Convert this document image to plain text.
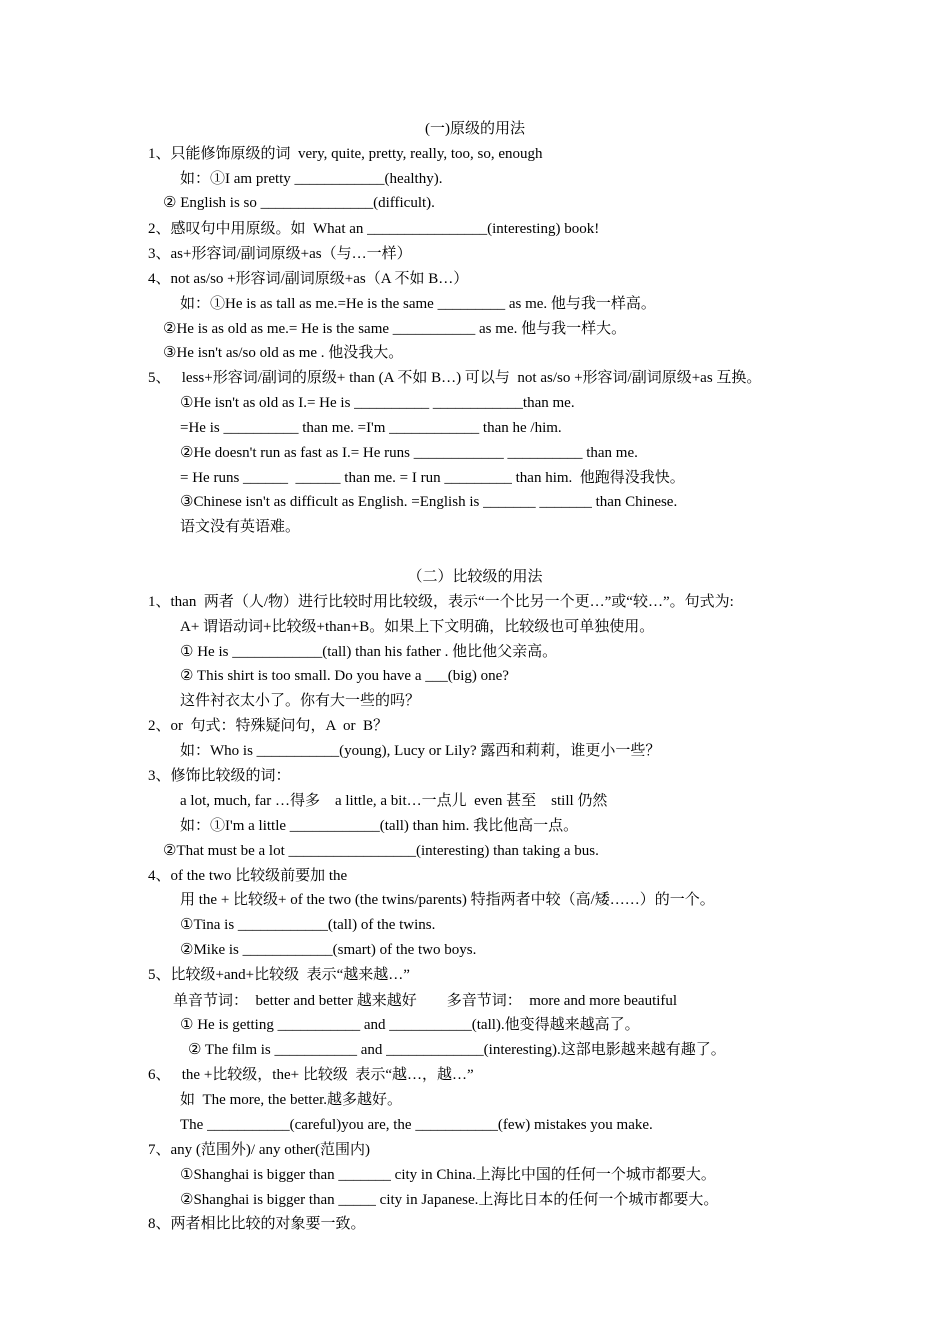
(一)原级的用法
1、只能修饰原级的词  very, quite, pretty, really, too, so, enough
如：①I am pretty ____________(healthy).
② English is so _______________(difficult).
2、感叹句中用原级。如  What an ________________(interesting) book!
3、as+形容词/副词原级+as（与…一样）
4、not as/so +形容词/副词原级+as（A 不如 B…）
如：①He is as tall as me.=He is the same _________ as me. 他与我一样高。
②He is as old as me.= He is the same ___________ as me. 他与我一样大。
③He isn't as/so old as me . 他没我大。
5、   less+形容词/副词的原级+ than (A 不如 B…) 可以与  not as/so +形容词/副词原级+as 互换。
①He isn't as old as I.= He is __________ ____________than me.
=He is __________ than me. =I'm ____________ than he /him.
②He doesn't run as fast as I.= He runs ____________ __________ than me.
= He runs ______  ______ than me. = I run _________ than him.  他跑得没我快。
③Chinese isn't as difficult as English. =English is _______ _______ than Chinese.
语文没有英语难。
（二）比较级的用法
1、than  两者（人/物）进行比较时用比较级，表示“一个比另一个更…”或“较…”。句式为:
A+ 谓语动词+比较级+than+B。如果上下文明确，比较级也可单独使用。
① He is ____________(tall) than his father . 他比他父亲高。
② This shirt is too small. Do you have a ___(big) one?
这件衬衣太小了。你有大一些的吗？
2、or  句式：特殊疑问句，A  or  B？
如：Who is ___________(young), Lucy or Lily? 露西和莉莉，谁更小一些？
3、修饰比较级的词：
a lot, much, far …得多    a little, a bit…一点儿  even 甚至    still 仍然
如：①I'm a little ____________(tall) than him. 我比他高一点。
②That must be a lot _________________(interesting) than taking a bus.
4、of the two 比较级前要加 the
用 the + 比较级+ of the two (the twins/parents) 特指两者中较（高/矮……）的一个。
①Tina is ____________(tall) of the twins.
②Mike is ____________(smart) of the two boys.
5、比较级+and+比较级  表示“越来越…”
单音节词：  better and better 越来越好        多音节词：  more and more beautiful
① He is getting ___________ and ___________(tall).他变得越来越高了。
② The film is ___________ and _____________(interesting).这部电影越来越有趣了。
6、   the +比较级，the+ 比较级  表示“越…，越…”
如  The more, the better.越多越好。
The ___________(careful)you are, the ___________(few) mistakes you make.
7、any (范围外)/ any other(范围内)
①Shanghai is bigger than _______ city in China.上海比中国的任何一个城市都要大。
②Shanghai is bigger than _____ city in Japanese.上海比日本的任何一个城市都要大。
8、两者相比比较的对象要一致。
